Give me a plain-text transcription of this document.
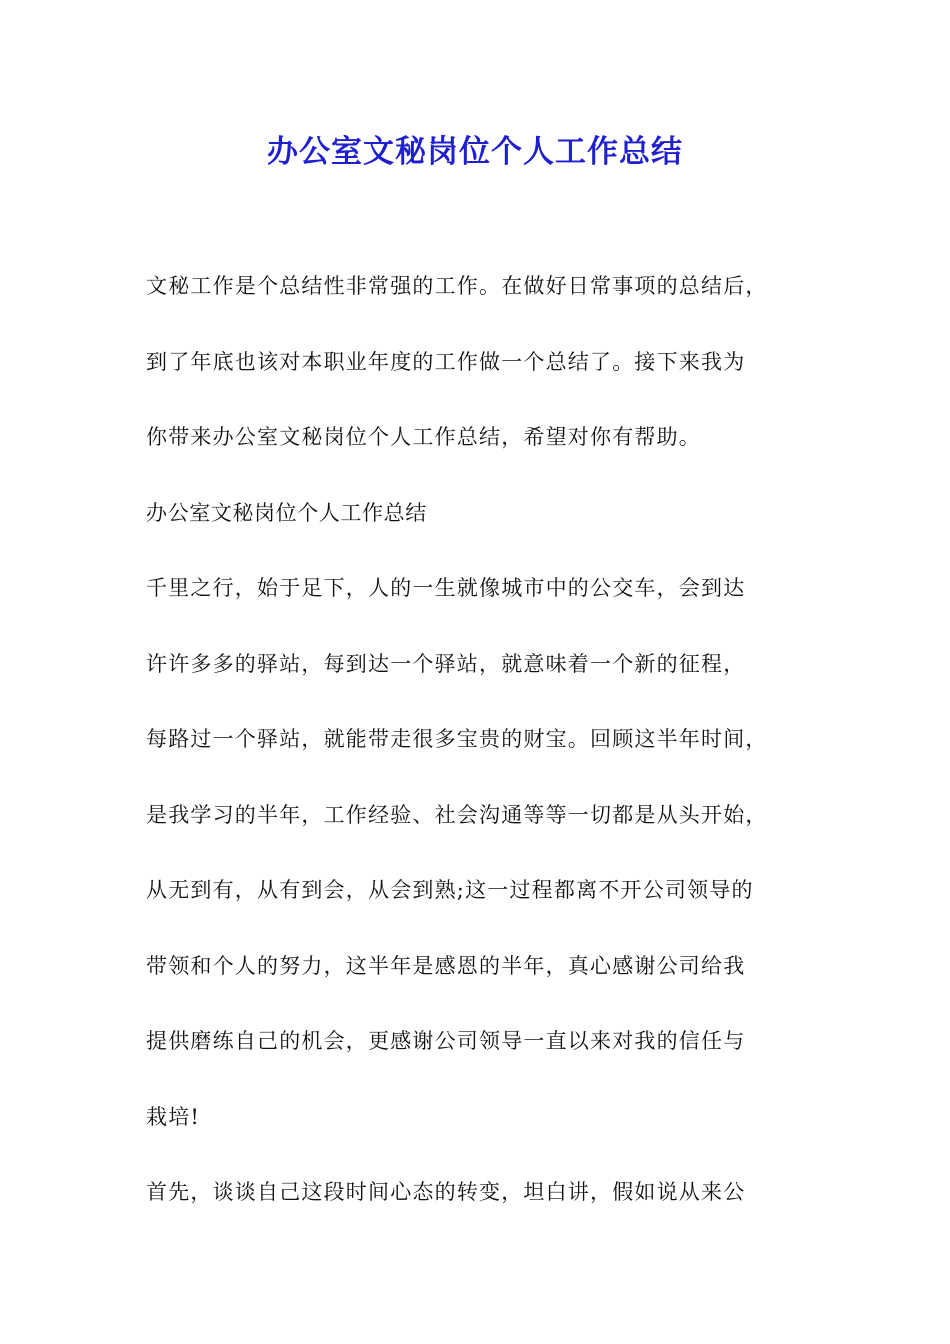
办公室文秘岗位个人工作总结
文秘工作是个总结性非常强的工作。在做好日常事项的总结后，
到了年底也该对本职业年度的工作做一个总结了。接下来我为
你带来办公室文秘岗位个人工作总结，希望对你有帮助。
办公室文秘岗位个人工作总结
千里之行，始于足下，人的一生就像城市中的公交车，会到达
许许多多的驿站，每到达一个驿站，就意味着一个新的征程，
每路过一个驿站，就能带走很多宝贵的财宝。回顾这半年时间，
是我学习的半年，工作经验、社会沟通等等一切都是从头开始，
从无到有，从有到会，从会到熟;这一过程都离不开公司领导的
带领和个人的努力，这半年是感恩的半年，真心感谢公司给我
提供磨练自己的机会，更感谢公司领导一直以来对我的信任与
栽培!
首先，谈谈自己这段时间心态的转变，坦白讲，假如说从来公
